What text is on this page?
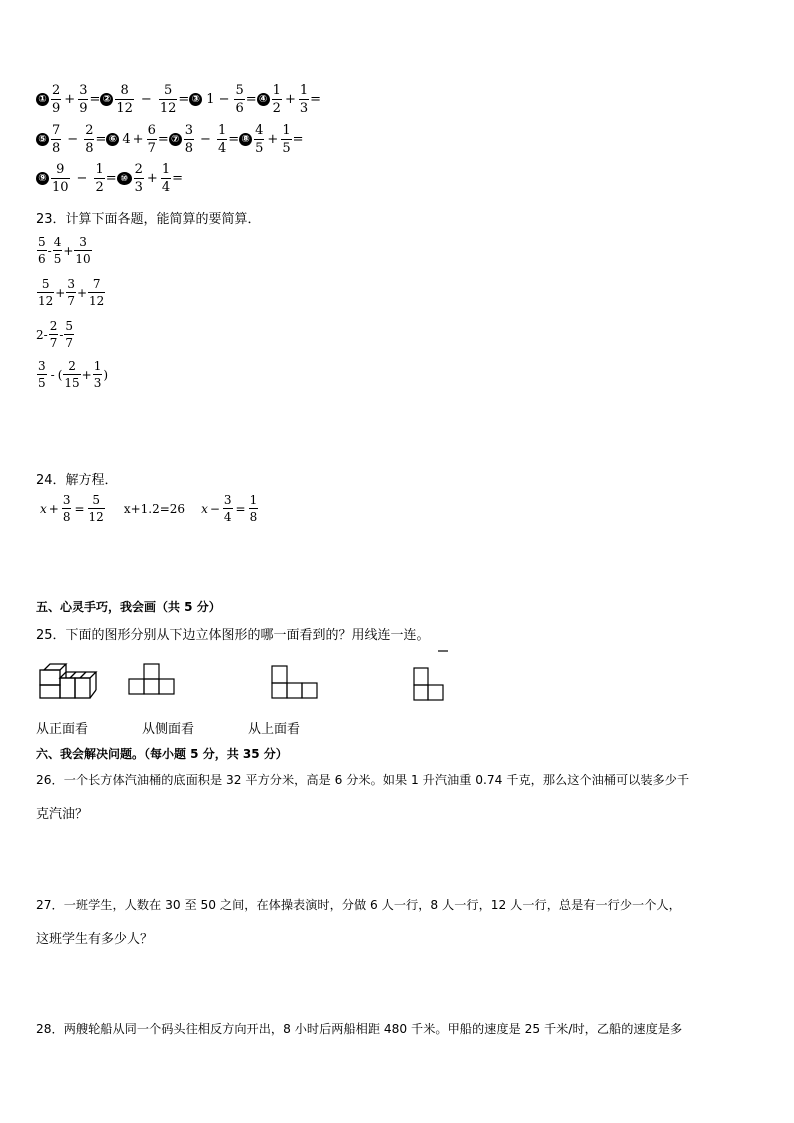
① $\frac{2}{9} + \frac{3}{9}$ = ② $\frac{8}{12} - \frac{5}{12}$ = ③ $1 - \frac{5}{6}$ = ④ $\frac{1}{2} + \frac{1}{3}$ =
⑤ $\frac{7}{8} - \frac{2}{8}$ = ⑥ $4 + \frac{6}{7}$ = ⑦ $\frac{3}{8} - \frac{1}{4}$ = ⑧ $\frac{4}{5} + \frac{1}{5}$ =
⑨ $\frac{9}{10} - \frac{1}{2}$ = ⑩ $\frac{2}{3} + \frac{1}{4}$ =
23．计算下面各题，能简算的要简算．
$\frac{5}{6} - \frac{4}{5} + \frac{3}{10}$
$\frac{5}{12} + \frac{3}{7} + \frac{7}{12}$
$2- \frac{2}{7} - \frac{5}{7}$
$\frac{3}{5}$ - ( $\frac{2}{15} + \frac{1}{3}$ )
24．解方程．
$x + \frac{3}{8} = \frac{5}{12} x+1.2=26$ $x - \frac{3}{4} = \frac{1}{8}$
五、心灵手巧，我会画（共 5 分）
25．下面的图形分别从下边立体图形的哪一面看到的？用线连一连。
从正面看	从侧面看	从上面看
六、我会解决问题。（每小题 5 分，共 35 分）
26．一个长方体汽油桶的底面积是 32 平方分米，高是 6 分米。如果 1 升汽油重 0.74 千克，那么这个油桶可以装多少千
克汽油？
27．一班学生，人数在 30 至 50 之间，在体操表演时，分做 6 人一行，8 人一行，12 人一行，总是有一行少一个人，
这班学生有多少人？
28．两艘轮船从同一个码头往相反方向开出，8 小时后两船相距 480 千米。甲船的速度是 25 千米/时，乙船的速度是多
